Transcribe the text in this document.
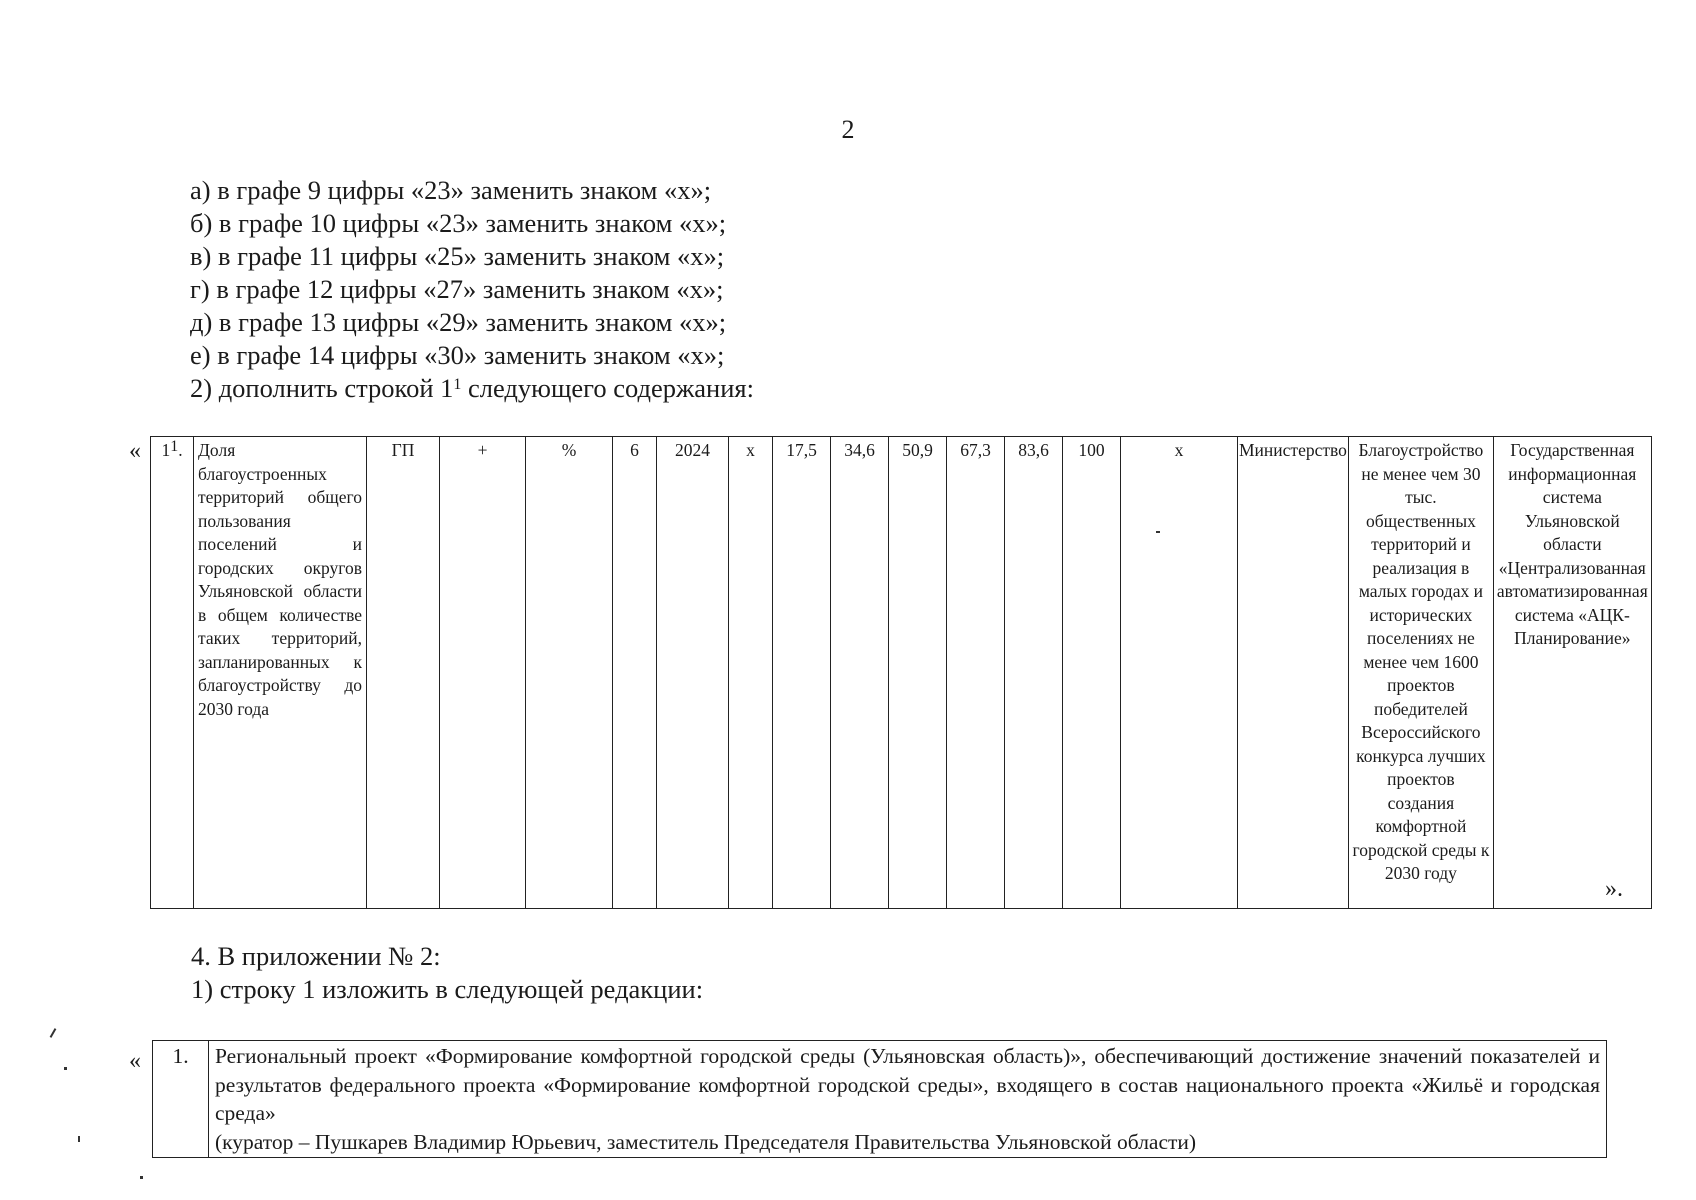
2
а) в графе 9 цифры «23» заменить знаком «х»;
б) в графе 10 цифры «23» заменить знаком «х»;
в) в графе 11 цифры «25» заменить знаком «х»;
г) в графе 12 цифры «27» заменить знаком «х»;
д) в графе 13 цифры «29» заменить знаком «х»;
е) в графе 14 цифры «30» заменить знаком «х»;
2) дополнить строкой $1^1$ следующего содержания:
« $1^1$.	Доля благоустроенных территорий общего пользования поселений и городских округов Ульяновской области в общем количестве таких территорий, запланированных к благоустройству до 2030 года	ГП	+	%	6	2024	х	17,5	34,6	50,9	67,3	83,6	100	х	Министерство	Благоустройство не менее чем 30 тыс. общественных территорий и реализация в малых городах и исторических поселениях не менее чем 1600 проектов победителей Всероссийского конкурса лучших проектов создания комфортной городской среды к 2030 году	Государственная информационная система Ульяновской области «Централизованная автоматизированная система «АЦК-Планирование»
».
4. В приложении № 2:
1) строку 1 изложить в следующей редакции:
« 1.	Региональный проект «Формирование комфортной городской среды (Ульяновская область)», обеспечивающий достижение значений показателей и результатов федерального проекта «Формирование комфортной городской среды», входящего в состав национального проекта «Жильё и городская среда»
(куратор – Пушкарев Владимир Юрьевич, заместитель Председателя Правительства Ульяновской области)
